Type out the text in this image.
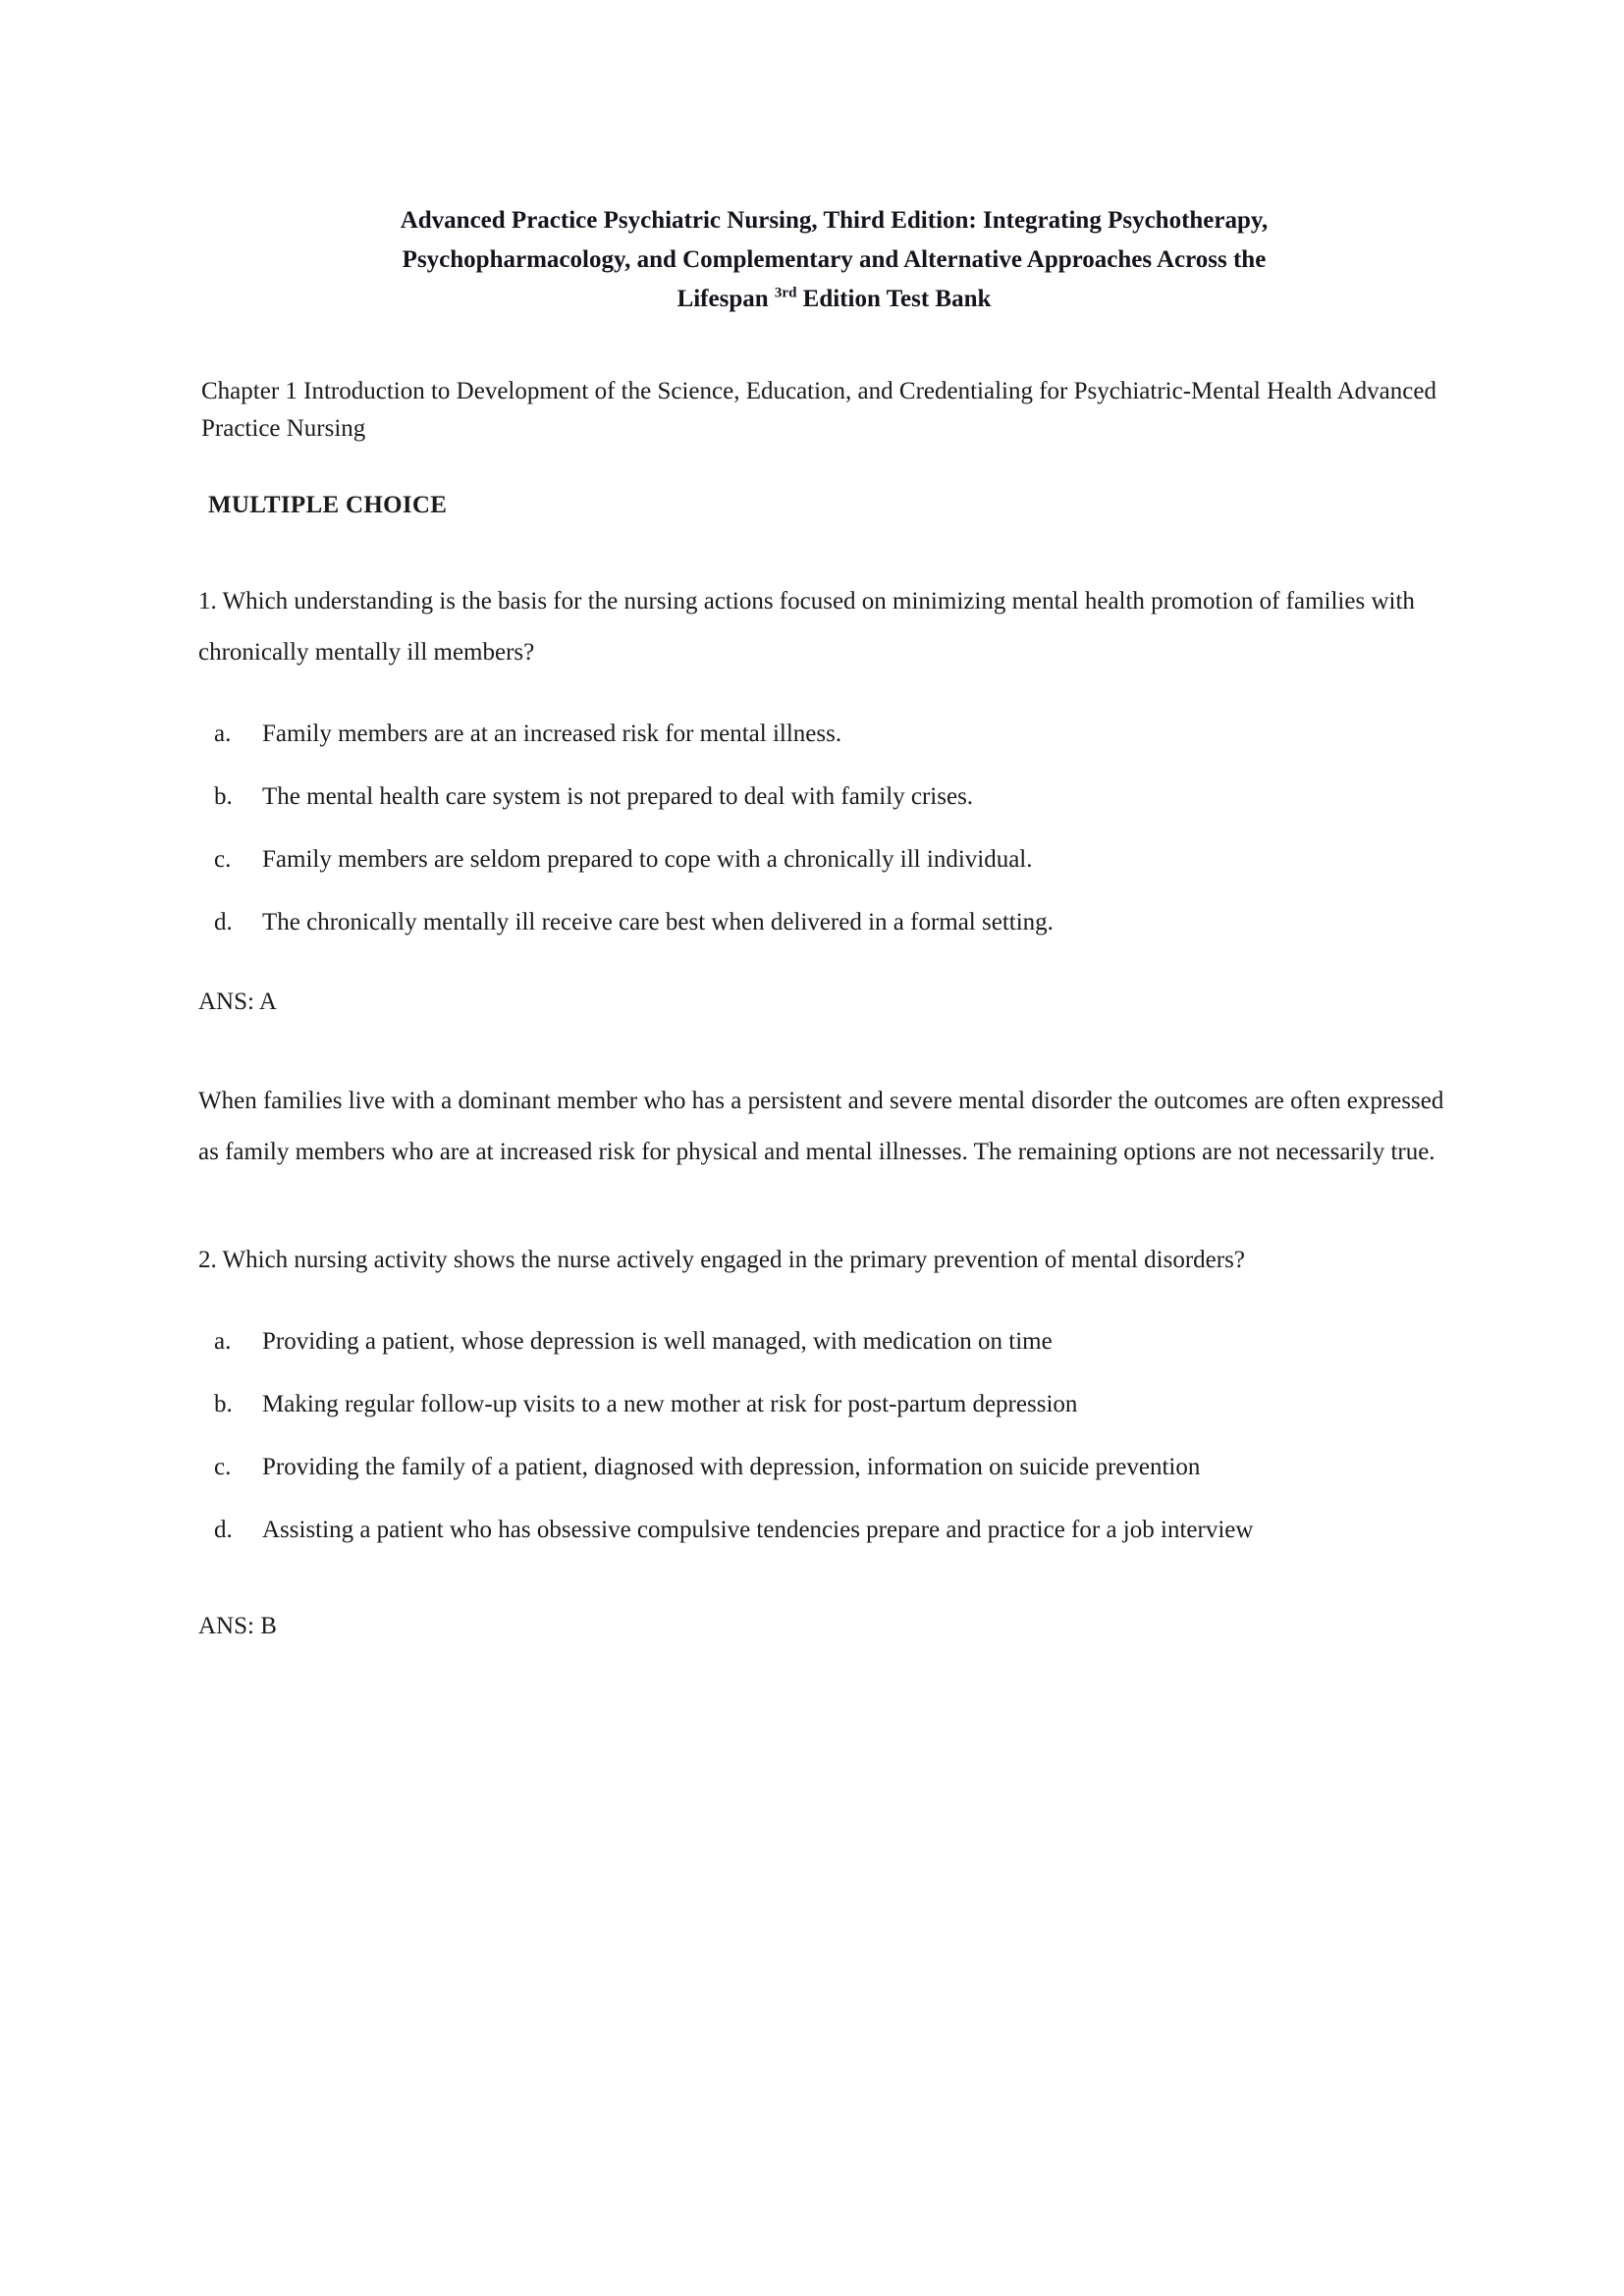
Advanced Practice Psychiatric Nursing, Third Edition: Integrating Psychotherapy,
Psychopharmacology, and Complementary and Alternative Approaches Across the
Lifespan $^{3rd}$ Edition Test Bank

Chapter 1 Introduction to Development of the Science, Education, and Credentialing for Psychiatric-Mental Health Advanced Practice Nursing

MULTIPLE CHOICE

1. Which understanding is the basis for the nursing actions focused on minimizing mental health promotion of families with chronically mentally ill members?

a.	Family members are at an increased risk for mental illness.
b.	The mental health care system is not prepared to deal with family crises.
c.	Family members are seldom prepared to cope with a chronically ill individual.
d.	The chronically mentally ill receive care best when delivered in a formal setting.

ANS: A

When families live with a dominant member who has a persistent and severe mental disorder the outcomes are often expressed as family members who are at increased risk for physical and mental illnesses. The remaining options are not necessarily true.

2. Which nursing activity shows the nurse actively engaged in the primary prevention of mental disorders?

a.	Providing a patient, whose depression is well managed, with medication on time
b.	Making regular follow-up visits to a new mother at risk for post-partum depression
c.	Providing the family of a patient, diagnosed with depression, information on suicide prevention
d.	Assisting a patient who has obsessive compulsive tendencies prepare and practice for a job interview

ANS: B
